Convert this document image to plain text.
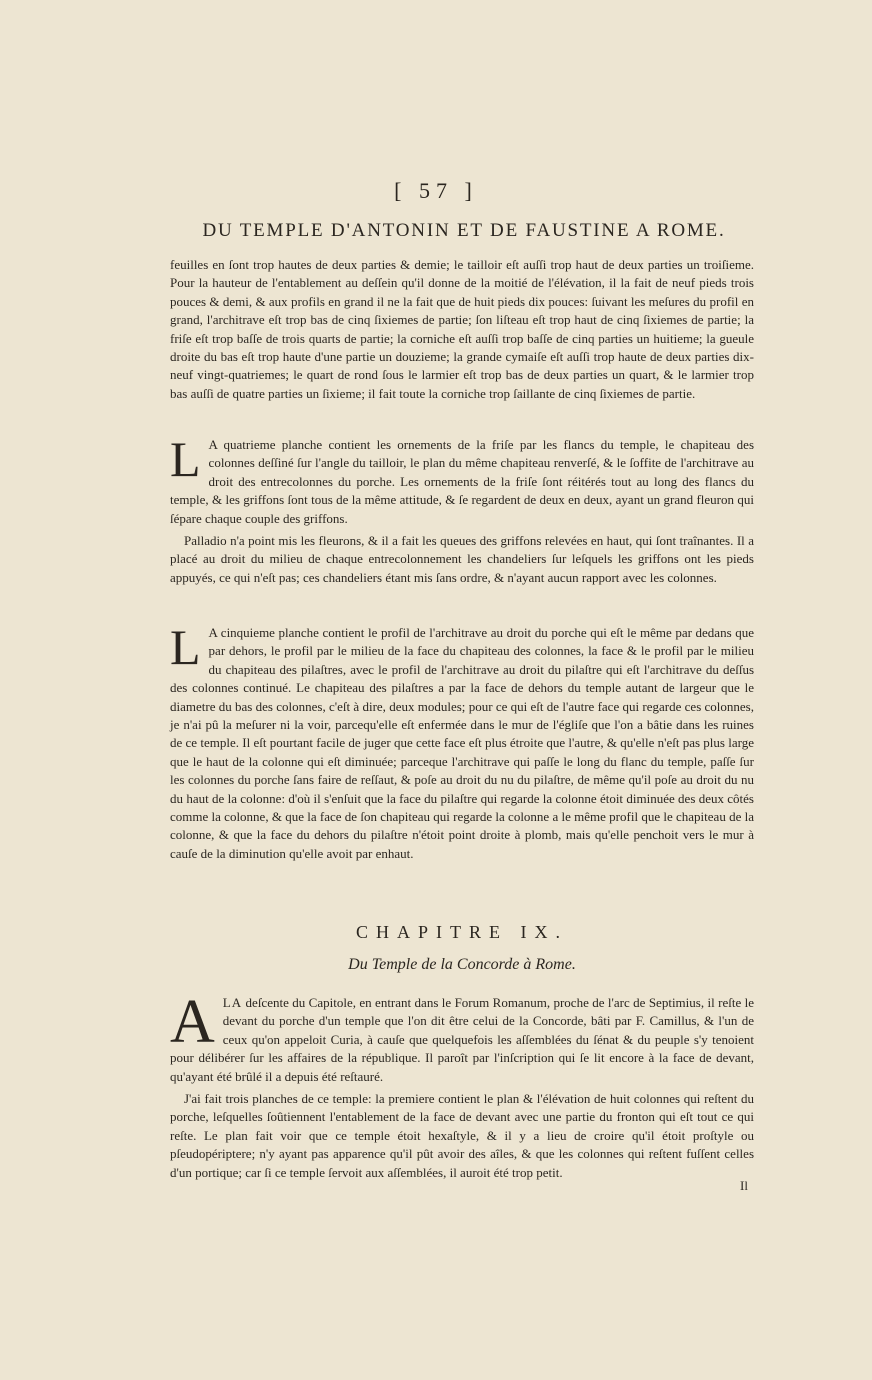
[ 57 ]
DU TEMPLE D'ANTONIN ET DE FAUSTINE A ROME.

feuilles en ſont trop hautes de deux parties & demie; le tailloir eſt auſſi trop haut de deux parties un troiſieme. Pour la hauteur de l'entablement au deſſein qu'il donne de la moitié de l'élévation, il la fait de neuf pieds trois pouces & demi, & aux profils en grand il ne la fait que de huit pieds dix pouces: ſuivant les meſures du profil en grand, l'architrave eſt trop bas de cinq ſixiemes de partie; ſon liſteau eſt trop haut de cinq ſixiemes de partie; la friſe eſt trop baſſe de trois quarts de partie; la corniche eſt auſſi trop baſſe de cinq parties un huitieme; la gueule droite du bas eſt trop haute d'une partie un douzieme; la grande cymaiſe eſt auſſi trop haute de deux parties dix-neuf vingt-quatriemes; le quart de rond ſous le larmier eſt trop bas de deux parties un quart, & le larmier trop bas auſſi de quatre parties un ſixieme; il fait toute la corniche trop ſaillante de cinq ſixiemes de partie.

L A quatrieme planche contient les ornements de la friſe par les flancs du temple, le chapiteau des colonnes deſſiné ſur l'angle du tailloir, le plan du même chapiteau renverſé, & le ſoffite de l'architrave au droit des entrecolonnes du porche. Les ornements de la friſe ſont réitérés tout au long des flancs du temple, & les griffons ſont tous de la même attitude, & ſe regardent de deux en deux, ayant un grand fleuron qui ſépare chaque couple des griffons.

Palladio n'a point mis les fleurons, & il a fait les queues des griffons relevées en haut, qui ſont traînantes. Il a placé au droit du milieu de chaque entrecolonnement les chandeliers ſur leſquels les griffons ont les pieds appuyés, ce qui n'eſt pas; ces chandeliers étant mis ſans ordre, & n'ayant aucun rapport avec les colonnes.

L A cinquieme planche contient le profil de l'architrave au droit du porche qui eſt le même par dedans que par dehors, le profil par le milieu de la face du chapiteau des colonnes, la face & le profil par le milieu du chapiteau des pilaſtres, avec le profil de l'architrave au droit du pilaſtre qui eſt l'architrave du deſſus des colonnes continué. Le chapiteau des pilaſtres a par la face de dehors du temple autant de largeur que le diametre du bas des colonnes, c'eſt à dire, deux modules; pour ce qui eſt de l'autre face qui regarde ces colonnes, je n'ai pû la meſurer ni la voir, parcequ'elle eſt enfermée dans le mur de l'égliſe que l'on a bâtie dans les ruines de ce temple. Il eſt pourtant facile de juger que cette face eſt plus étroite que l'autre, & qu'elle n'eſt pas plus large que le haut de la colonne qui eſt diminuée; parceque l'architrave qui paſſe le long du flanc du temple, paſſe ſur les colonnes du porche ſans faire de reſſaut, & poſe au droit du nu du pilaſtre, de même qu'il poſe au droit du nu du haut de la colonne: d'où il s'enſuit que la face du pilaſtre qui regarde la colonne étoit diminuée des deux côtés comme la colonne, & que la face de ſon chapiteau qui regarde la colonne a le même profil que le chapiteau de la colonne, & que la face du dehors du pilaſtre n'étoit point droite à plomb, mais qu'elle penchoit vers le mur à cauſe de la diminution qu'elle avoit par enhaut.

CHAPITRE IX.
Du Temple de la Concorde à Rome.

ALA deſcente du Capitole, en entrant dans le Forum Romanum, proche de l'arc de Septimius, il reſte le devant du porche d'un temple que l'on dit être celui de la Concorde, bâti par F. Camillus, & l'un de ceux qu'on appeloit Curia, à cauſe que quelquefois les aſſemblées du ſénat & du peuple s'y tenoient pour délibérer ſur les affaires de la république. Il paroît par l'inſcription qui ſe lit encore à la face de devant, qu'ayant été brûlé il a depuis été reſtauré.

J'ai fait trois planches de ce temple: la premiere contient le plan & l'élévation de huit colonnes qui reſtent du porche, leſquelles ſoûtiennent l'entablement de la face de devant avec une partie du fronton qui eſt tout ce qui reſte. Le plan fait voir que ce temple étoit hexaſtyle, & il y a lieu de croire qu'il étoit proſtyle ou pſeudopériptere; n'y ayant pas apparence qu'il pût avoir des aîles, & que les colonnes qui reſtent fuſſent celles d'un portique; car ſi ce temple ſervoit aux aſſemblées, il auroit été trop petit.

Il
